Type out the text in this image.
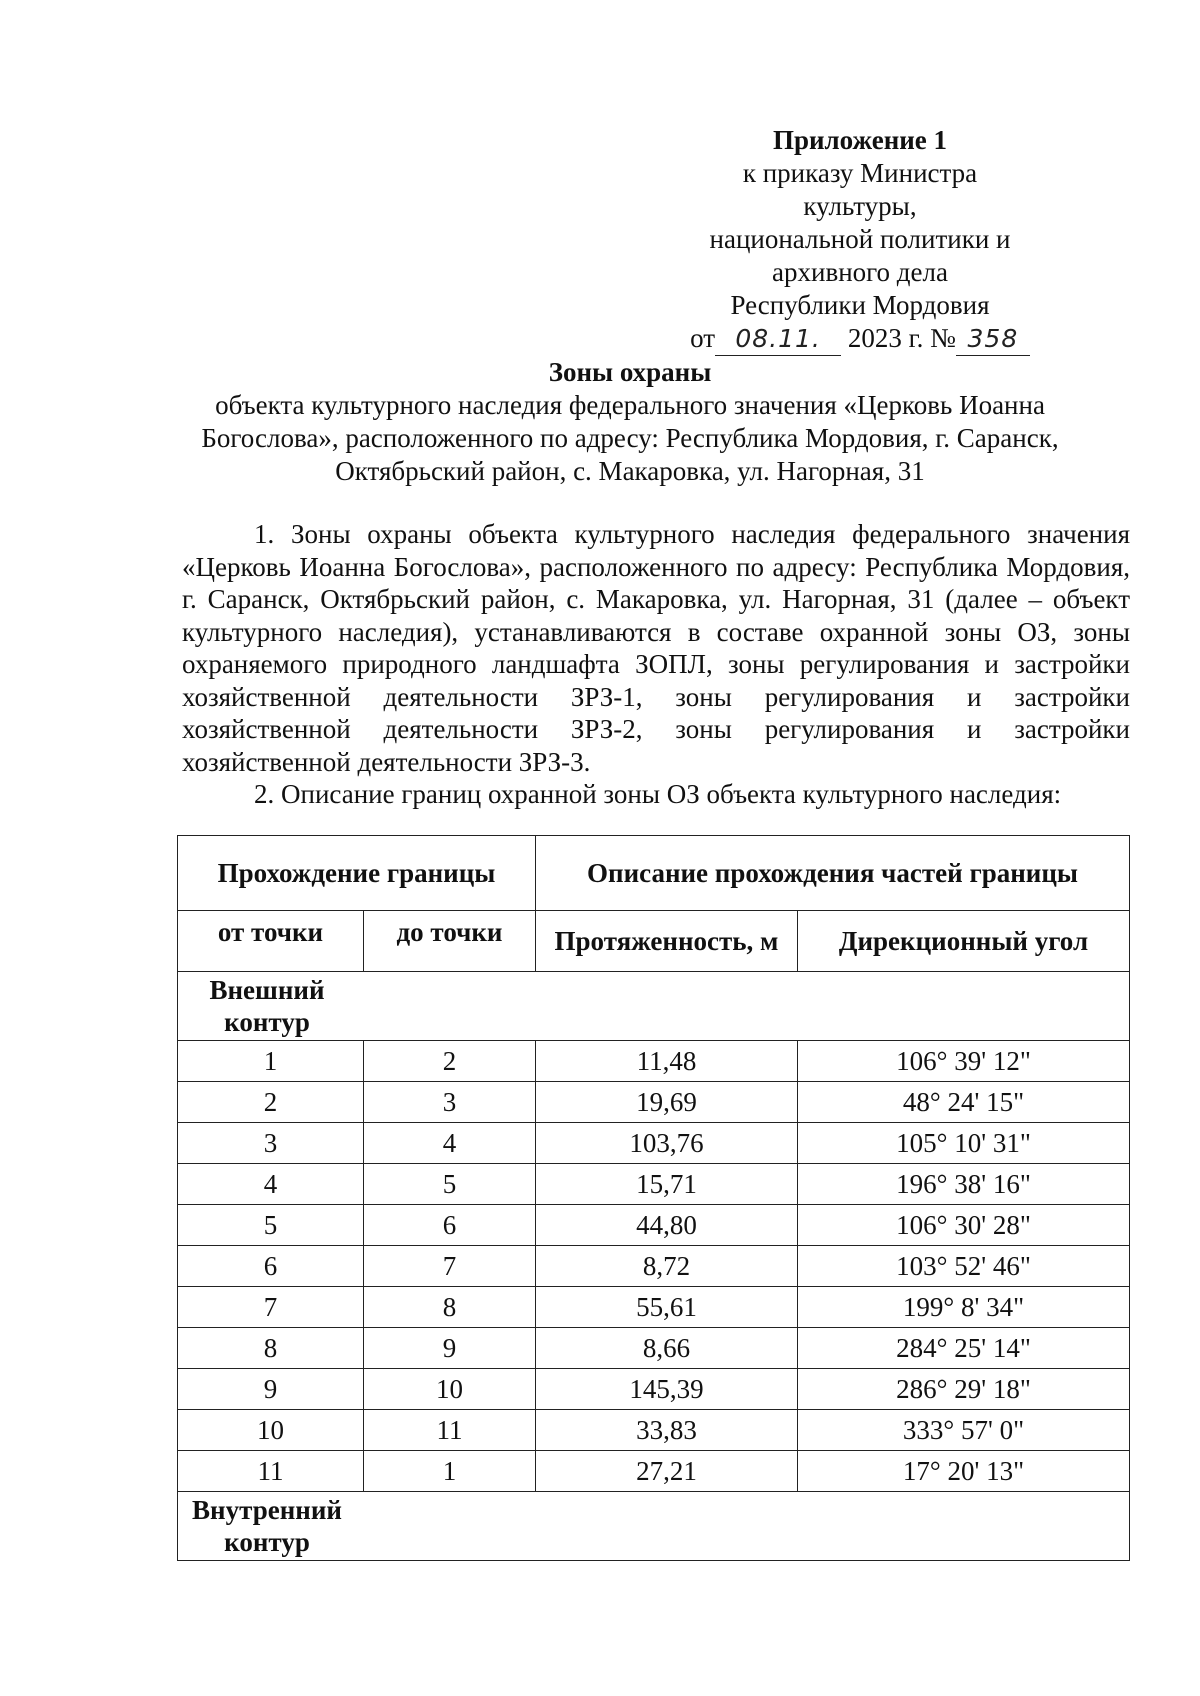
Приложение 1
к приказу Министра культуры,
национальной политики и
архивного дела
Республики Мордовия
от 08.11. 2023 г. № 358
Зоны охраны
объекта культурного наследия федерального значения «Церковь Иоанна Богослова», расположенного по адресу: Республика Мордовия, г. Саранск, Октябрьский район, с. Макаровка, ул. Нагорная, 31

1. Зоны охраны объекта культурного наследия федерального значения «Церковь Иоанна Богослова», расположенного по адресу: Республика Мордовия, г. Саранск, Октябрьский район, с. Макаровка, ул. Нагорная, 31 (далее – объект культурного наследия), устанавливаются в составе охранной зоны ОЗ, зоны охраняемого природного ландшафта ЗОПЛ, зоны регулирования и застройки хозяйственной деятельности ЗРЗ-1, зоны регулирования и застройки хозяйственной деятельности ЗРЗ-2, зоны регулирования и застройки хозяйственной деятельности ЗРЗ-3.

2. Описание границ охранной зоны ОЗ объекта культурного наследия:

Прохождение границы		Описание прохождения частей границы	
от точки	до точки	Протяженность, м	Дирекционный угол
Внешний контур			
1	2	11,48	106° 39' 12"
2	3	19,69	48° 24' 15"
3	4	103,76	105° 10' 31"
4	5	15,71	196° 38' 16"
5	6	44,80	106° 30' 28"
6	7	8,72	103° 52' 46"
7	8	55,61	199° 8' 34"
8	9	8,66	284° 25' 14"
9	10	145,39	286° 29' 18"
10	11	33,83	333° 57' 0"
11	1	27,21	17° 20' 13"
Внутренний контур			
